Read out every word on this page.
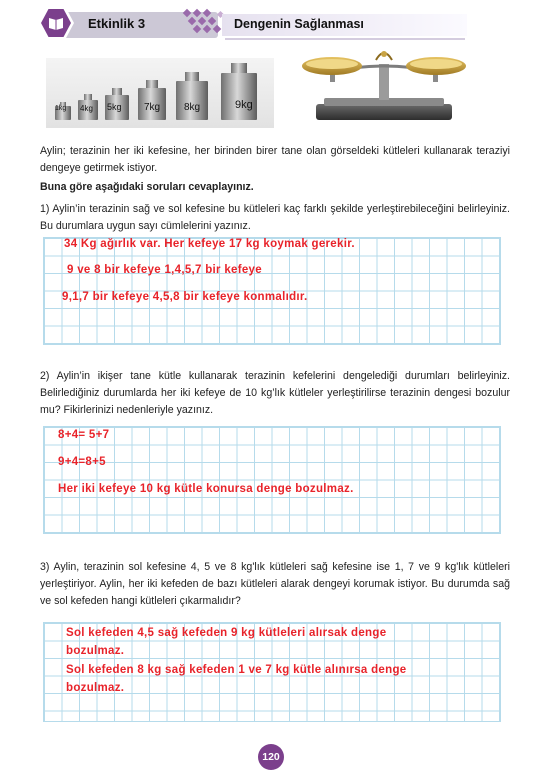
Etkinlik 3	Dengenin Sağlanması
1kg 4kg 5kg 7kg 8kg	9kg
Aylin; terazinin her iki kefesine, her birinden birer tane olan görseldeki kütleleri kullanarak teraziyi dengeye getirmek istiyor.
Buna göre aşağıdaki soruları cevaplayınız.
1) Aylin’in terazinin sağ ve sol kefesine bu kütleleri kaç farklı şekilde yerleştirebileceğini belirleyiniz. Bu durumlara uygun sayı cümlelerini yazınız.
34 Kg ağırlık var. Her kefeye 17 kg koymak gerekir.
9 ve 8 bir kefeye 1,4,5,7 bir kefeye
9,1,7 bir kefeye 4,5,8 bir kefeye konmalıdır.
2) Aylin’in ikişer tane kütle kullanarak terazinin kefelerini dengelediği durumları belirleyiniz. Belirlediğiniz durumlarda her iki kefeye de 10 kg’lık kütleler yerleştirilirse terazinin dengesi bozulur mu? Fikirlerinizi nedenleriyle yazınız.
8+4= 5+7
9+4=8+5
Her iki kefeye 10 kg kütle konursa denge bozulmaz.
3) Aylin, terazinin sol kefesine 4, 5 ve 8 kg'lık kütleleri sağ kefesine ise 1, 7 ve 9 kg'lık kütleleri yerleştiriyor. Aylin, her iki kefeden de bazı kütleleri alarak dengeyi korumak istiyor. Bu durumda sağ ve sol kefeden hangi kütleleri çıkarmalıdır?
Sol kefeden 4,5 sağ kefeden 9 kg kütleleri alırsak denge
bozulmaz.
Sol kefeden 8 kg sağ kefeden 1 ve 7 kg kütle alınırsa denge
bozulmaz.
120
